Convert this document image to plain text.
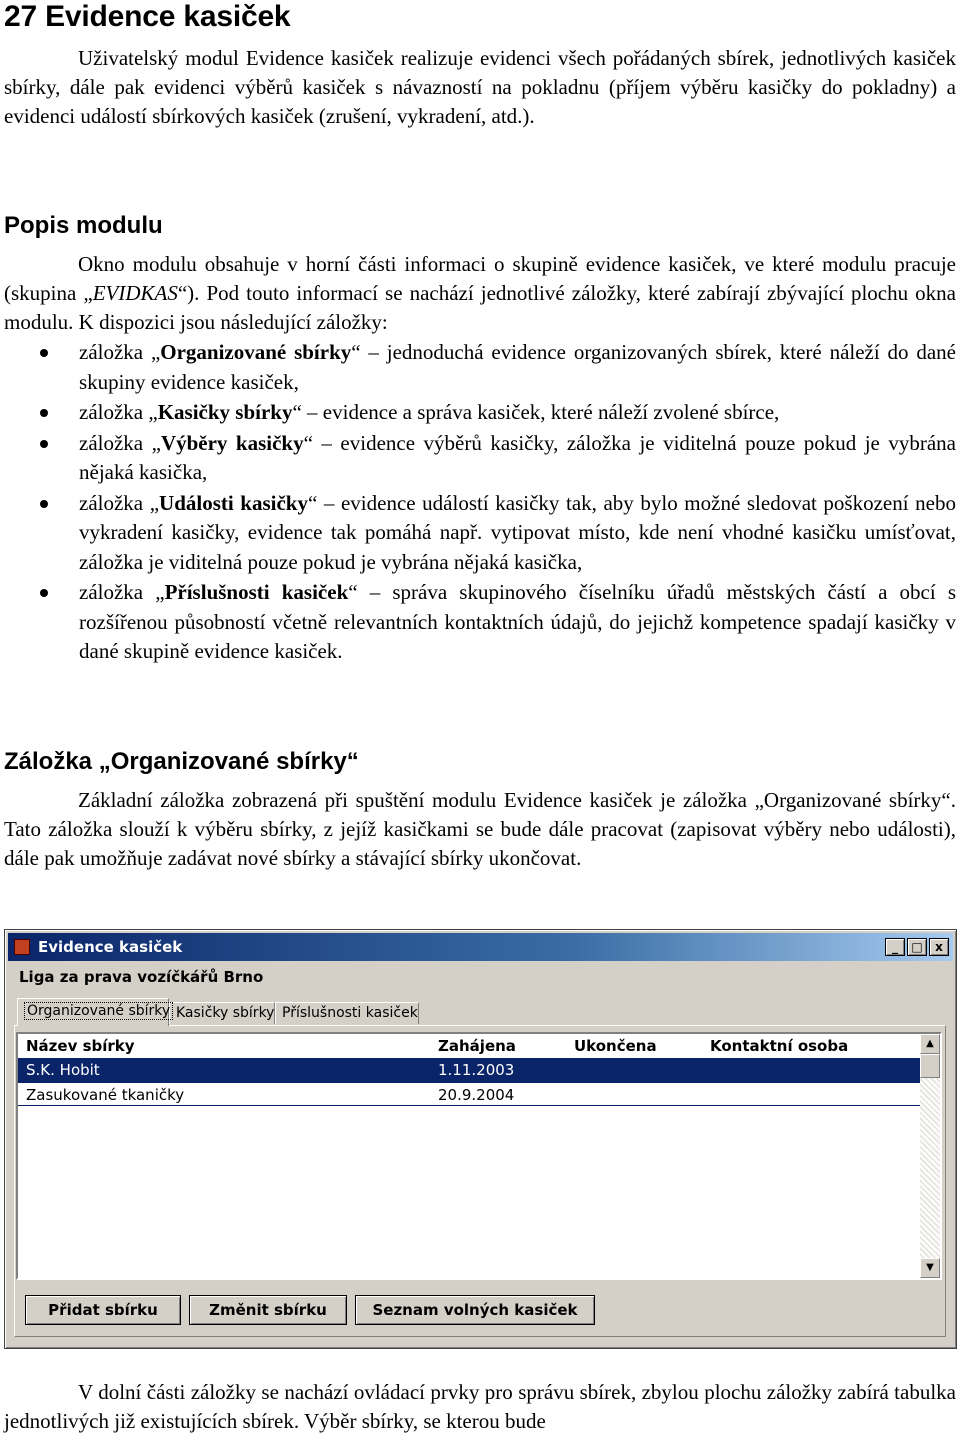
27 Evidence kasiček
Uživatelský modul Evidence kasiček realizuje evidenci všech pořádaných sbírek, jednotlivých kasiček sbírky, dále pak evidenci výběrů kasiček s návazností na pokladnu (příjem výběru kasičky do pokladny) a evidenci událostí sbírkových kasiček (zrušení, vykradení, atd.).
Popis modulu
Okno modulu obsahuje v horní části informaci o skupině evidence kasiček, ve které modulu pracuje (skupina „EVIDKAS“). Pod touto informací se nachází jednotlivé záložky, které zabírají zbývající plochu okna modulu. K dispozici jsou následující záložky:
záložka „Organizované sbírky“ – jednoduchá evidence organizovaných sbírek, které náleží do dané skupiny evidence kasiček,
záložka „Kasičky sbírky“ – evidence a správa kasiček, které náleží zvolené sbírce,
záložka „Výběry kasičky“ – evidence výběrů kasičky, záložka je viditelná pouze pokud je vybrána nějaká kasička,
záložka „Události kasičky“ – evidence událostí kasičky tak, aby bylo možné sledovat poškození nebo vykradení kasičky, evidence tak pomáhá např. vytipovat místo, kde není vhodné kasičku umísťovat, záložka je viditelná pouze pokud je vybrána nějaká kasička,
záložka „Příslušnosti kasiček“ – správa skupinového číselníku úřadů městských částí a obcí s rozšířenou působností včetně relevantních kontaktních údajů, do jejichž kompetence spadají kasičky v dané skupině evidence kasiček.
Záložka „Organizované sbírky“
Základní záložka zobrazená při spuštění modulu Evidence kasiček je záložka „Organizované sbírky“. Tato záložka slouží k výběru sbírky, z jejíž kasičkami se bude dále pracovat (zapisovat výběry nebo události), dále pak umožňuje zadávat nové sbírky a stávající sbírky ukončovat.
Evidence kasiček	_	□	x
Liga za prava vozíčkářů Brno
Organizované sbírky Kasičky sbírky Příslušnosti kasiček
Název sbírky	Zahájena	Ukončena	Kontaktní osoba
S.K. Hobit	1.11.2003
Zasukované tkaničky	20.9.2004
▲
▼
Přidat sbírku	Změnit sbírku	Seznam volných kasiček
V dolní části záložky se nachází ovládací prvky pro správu sbírek, zbylou plochu záložky zabírá tabulka jednotlivých již existujících sbírek. Výběr sbírky, se kterou bude
